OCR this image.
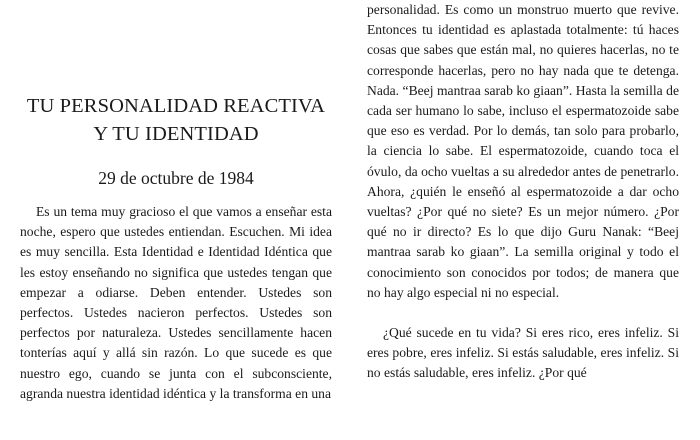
TU PERSONALIDAD REACTIVA
Y TU IDENTIDAD
29 de octubre de 1984

Es un tema muy gracioso el que vamos a enseñar esta noche, espero que ustedes entiendan. Escuchen. Mi idea es muy sencilla. Esta Identidad e Identidad Idéntica que les estoy enseñando no significa que ustedes tengan que empezar a odiarse. Deben entender. Ustedes son perfectos. Ustedes nacieron perfectos. Ustedes son perfectos por naturaleza. Ustedes sencillamente hacen tonterías aquí y allá sin razón. Lo que sucede es que nuestro ego, cuando se junta con el subconsciente, agranda nuestra identidad idéntica y la transforma en una

personalidad. Es como un monstruo muerto que revive. Entonces tu identidad es aplastada totalmente: tú haces cosas que sabes que están mal, no quieres hacerlas, no te corresponde hacerlas, pero no hay nada que te detenga. Nada. “Beej mantraa sarab ko giaan”. Hasta la semilla de cada ser humano lo sabe, incluso el espermatozoide sabe que eso es verdad. Por lo demás, tan solo para probarlo, la ciencia lo sabe. El espermatozoide, cuando toca el óvulo, da ocho vueltas a su alrededor antes de penetrarlo. Ahora, ¿quién le enseñó al espermatozoide a dar ocho vueltas? ¿Por qué no siete? Es un mejor número. ¿Por qué no ir directo? Es lo que dijo Guru Nanak: “Beej mantraa sarab ko giaan”. La semilla original y todo el conocimiento son conocidos por todos; de manera que no hay algo especial ni no especial.

¿Qué sucede en tu vida? Si eres rico, eres infeliz. Si eres pobre, eres infeliz. Si estás saludable, eres infeliz. Si no estás saludable, eres infeliz. ¿Por qué
